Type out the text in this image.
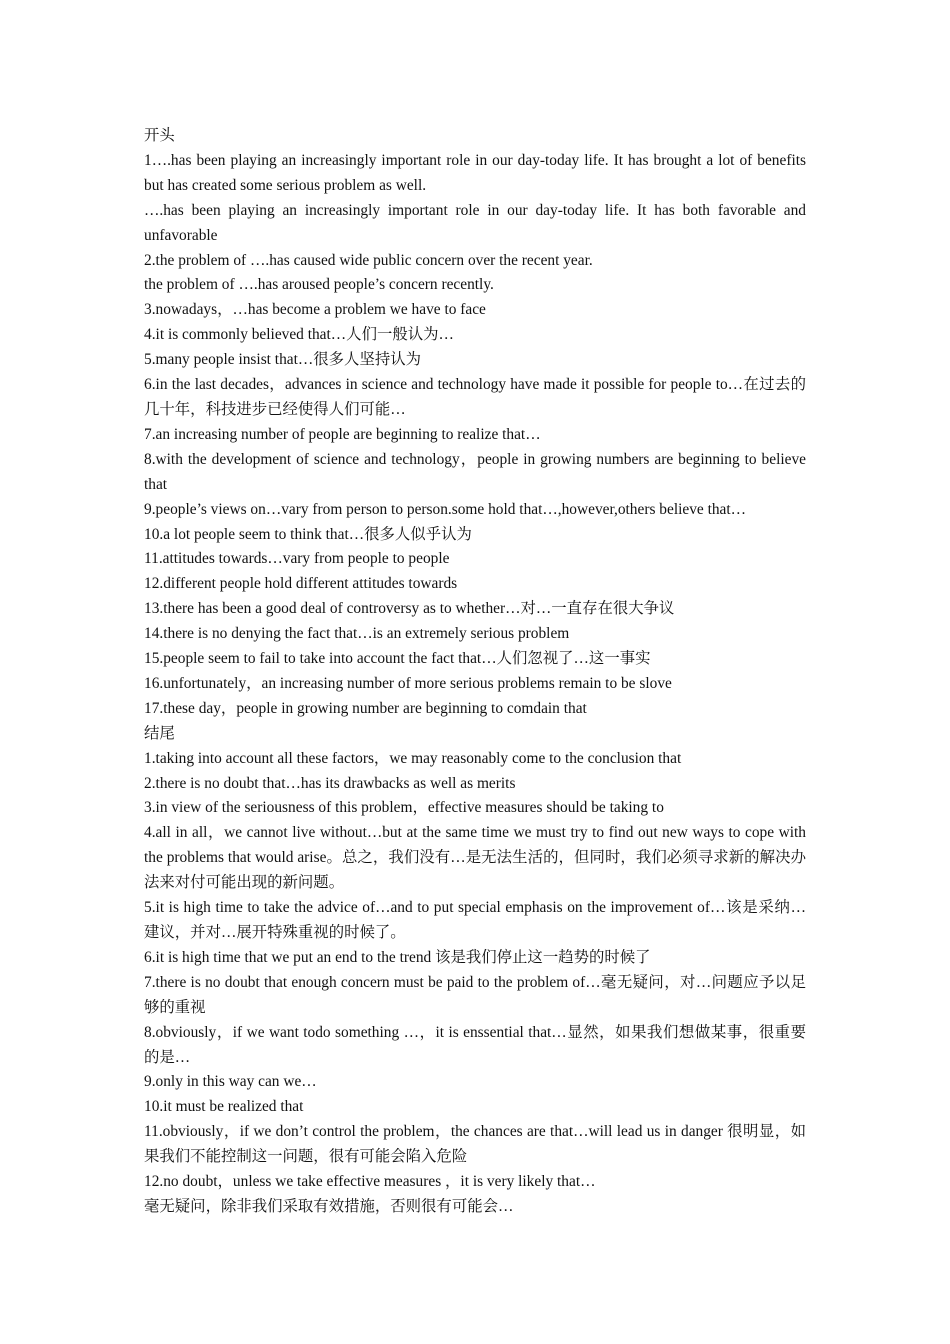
开头

1….has been playing an increasingly important role in our day-today life. It has brought a lot of benefits but has created some serious problem as well.

….has been playing an increasingly important role in our day-today life. It has both favorable and unfavorable

2.the problem of ….has caused wide public concern over the recent year.

the problem of ….has aroused people’s concern recently.

3.nowadays，…has become a problem we have to face

4.it is commonly believed that…人们一般认为…

5.many people insist that…很多人坚持认为

6.in the last decades，advances in science and technology have made it possible for people to…在过去的几十年，科技进步已经使得人们可能…

7.an increasing number of people are beginning to realize that…

8.with the development of science and technology，people in growing numbers are beginning to believe that

9.people’s views on…vary from person to person.some hold that…,however,others believe that…

10.a lot people seem to think that…很多人似乎认为

11.attitudes towards…vary from people to people

12.different people hold different attitudes towards

13.there has been a good deal of controversy as to whether…对…一直存在很大争议

14.there is no denying the fact that…is an extremely serious problem

15.people seem to fail to take into account the fact that…人们忽视了…这一事实

16.unfortunately，an increasing number of more serious problems remain to be slove

17.these day，people in growing number are beginning to comdain that

结尾

1.taking into account all these factors，we may reasonably come to the conclusion that

2.there is no doubt that…has its drawbacks as well as merits

3.in view of the seriousness of this problem，effective measures should be taking to

4.all in all，we cannot live without…but at the same time we must try to find out new ways to cope with the problems that would arise。总之，我们没有…是无法生活的，但同时，我们必须寻求新的解决办法来对付可能出现的新问题。

5.it is high time to take the advice of…and to put special emphasis on the improvement of…该是采纳…建议，并对…展开特殊重视的时候了。

6.it is high time that we put an end to the trend 该是我们停止这一趋势的时候了

7.there is no doubt that enough concern must be paid to the problem of…毫无疑问，对…问题应予以足够的重视

8.obviously，if we want todo something …，it is enssential that…显然，如果我们想做某事，很重要的是…

9.only in this way can we…

10.it must be realized that

11.obviously，if we don’t control the problem，the chances are that…will lead us in danger 很明显，如果我们不能控制这一问题，很有可能会陷入危险

12.no doubt，unless we take effective measures ，it is very likely that…

毫无疑问，除非我们采取有效措施，否则很有可能会…
